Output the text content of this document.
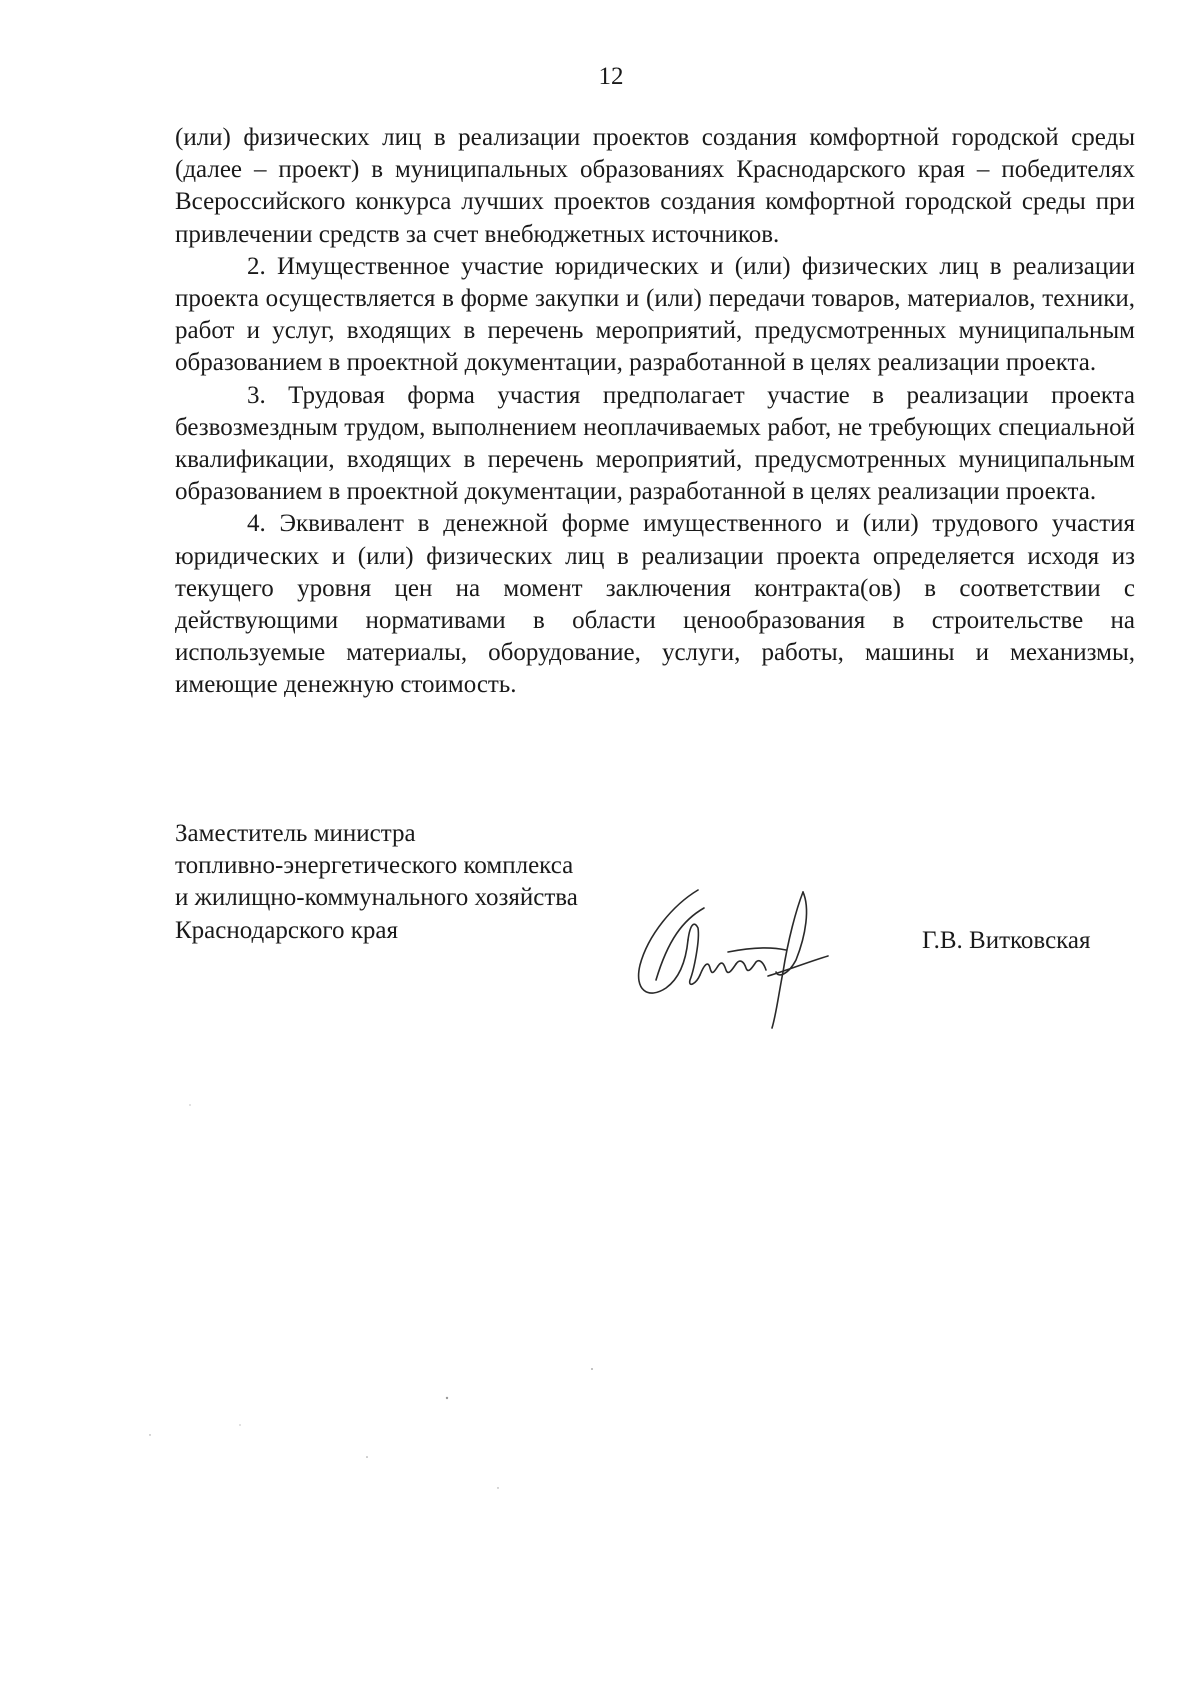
12

(или) физических лиц в реализации проектов создания комфортной городской среды (далее – проект) в муниципальных образованиях Краснодарского края – победителях Всероссийского конкурса лучших проектов создания комфортной городской среды при привлечении средств за счет внебюджетных источников.

2. Имущественное участие юридических и (или) физических лиц в реализации проекта осуществляется в форме закупки и (или) передачи товаров, материалов, техники, работ и услуг, входящих в перечень мероприятий, предусмотренных муниципальным образованием в проектной документации, разработанной в целях реализации проекта.

3. Трудовая форма участия предполагает участие в реализации проекта безвозмездным трудом, выполнением неоплачиваемых работ, не требующих специальной квалификации, входящих в перечень мероприятий, предусмотренных муниципальным образованием в проектной документации, разработанной в целях реализации проекта.

4. Эквивалент в денежной форме имущественного и (или) трудового участия юридических и (или) физических лиц в реализации проекта определяется исходя из текущего уровня цен на момент заключения контракта(ов) в соответствии с действующими нормативами в области ценообразования в строительстве на используемые материалы, оборудование, услуги, работы, машины и механизмы, имеющие денежную стоимость.

Заместитель министра
топливно-энергетического комплекса
и жилищно-коммунального хозяйства
Краснодарского края	Г.В. Витковская
